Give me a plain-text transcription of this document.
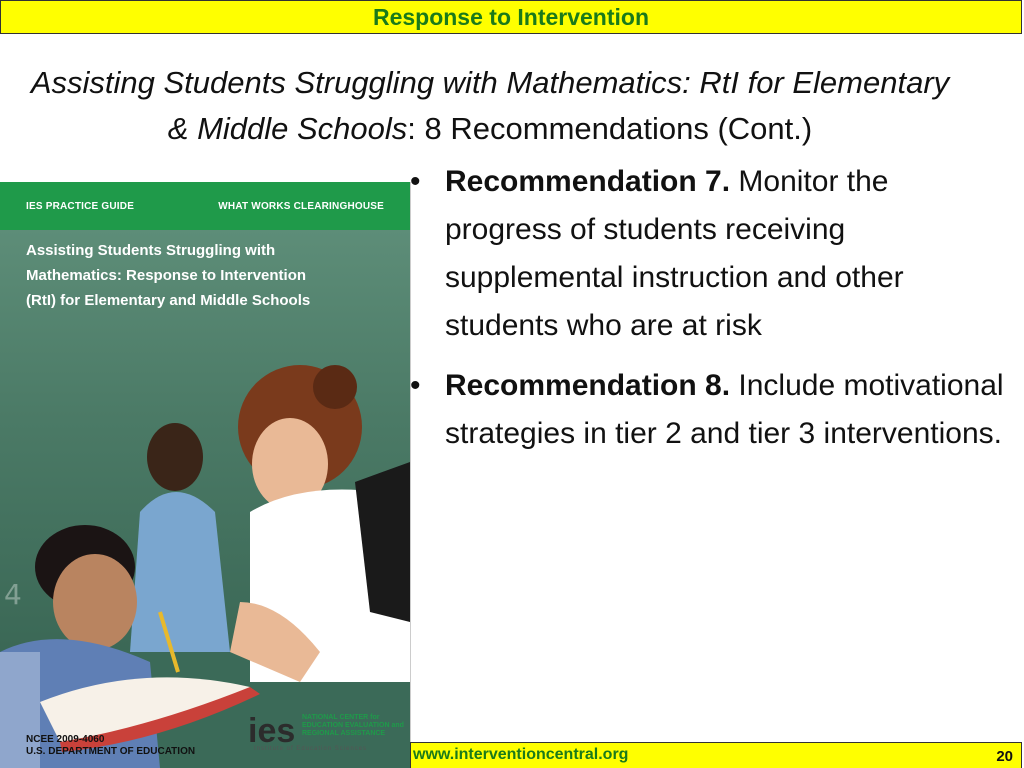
Response to Intervention
Assisting Students Struggling with Mathematics: RtI for Elementary
& Middle Schools: 8 Recommendations (Cont.)
IES PRACTICE GUIDE	WHAT WORKS CLEARINGHOUSE
4
Assisting Students Struggling with
Mathematics: Response to Intervention
(RtI) for Elementary and Middle Schools
NCEE 2009-4060
U.S. DEPARTMENT OF EDUCATION
ies NATIONAL CENTER for EDUCATION EVALUATION and REGIONAL ASSISTANCE
Institute of Education Sciences
• Recommendation 7. Monitor the progress of students receiving supplemental instruction and other students who are at risk
• Recommendation 8. Include motivational strategies in tier 2 and tier 3 interventions.
www.interventioncentral.org	20
